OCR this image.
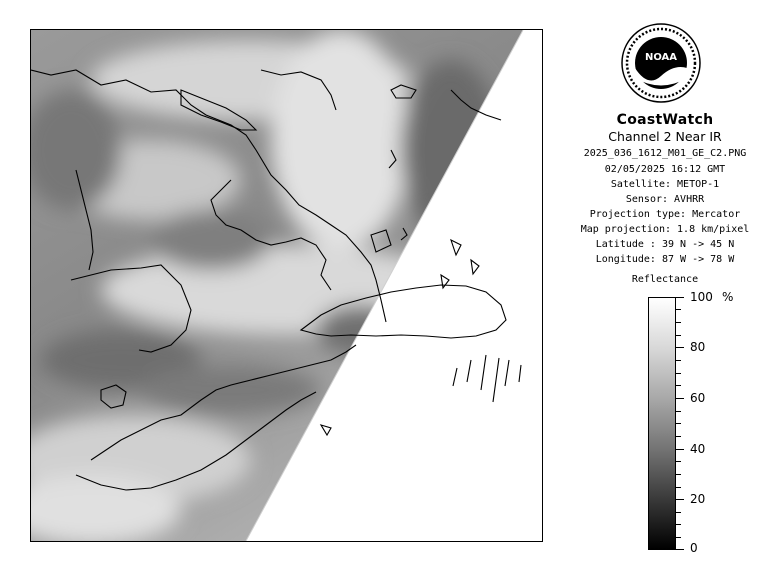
NOAA
CoastWatch
Channel 2 Near IR
2025_036_1612_M01_GE_C2.PNG
02/05/2025 16:12 GMT
Satellite: METOP-1
Sensor: AVHRR
Projection type: Mercator
Map projection: 1.8 km/pixel
Latitude : 39 N -> 45 N
Longitude: 87 W -> 78 W
Reflectance
100 %
80
60
40
20
0
